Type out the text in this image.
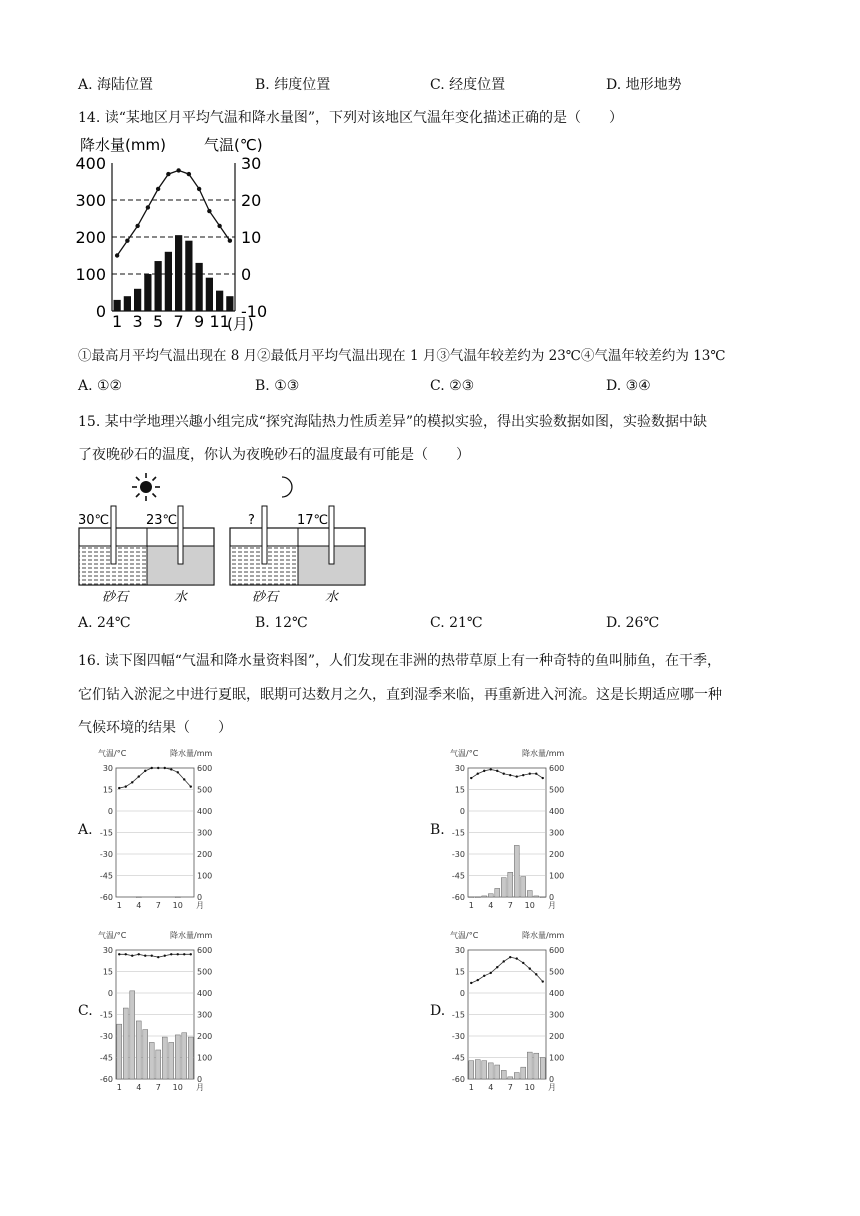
A. 海陆位置	B. 纬度位置	C. 经度位置	D. 地形地势
14. 读“某地区月平均气温和降水量图”，下列对该地区气温年变化描述正确的是（　　）
降水量(mm)	气温(℃)
400	30
300	20
200	10
100	0
0	-10
1 3 5 7 9 11
(月)
①最高月平均气温出现在 8 月②最低月平均气温出现在 1 月③气温年较差约为 23℃④气温年较差约为 13℃
A. ①②	B. ①③	C. ②③	D. ③④
15. 某中学地理兴趣小组完成“探究海陆热力性质差异”的模拟实验，得出实验数据如图，实验数据中缺
了夜晚砂石的温度，你认为夜晚砂石的温度最有可能是（　　）
30℃	23℃
砂石	水
?	17℃
砂石	水
A. 24℃	B. 12℃	C. 21℃	D. 26℃
16. 读下图四幅“气温和降水量资料图”，人们发现在非洲的热带草原上有一种奇特的鱼叫肺鱼，在干季，
它们钻入淤泥之中进行夏眠，眠期可达数月之久，直到湿季来临，再重新进入河流。这是长期适应哪一种
气候环境的结果（　　）
A.	B.
C.	D.
气温/°C	降水量/mm
30	600
15	500
0	400
-15	300
-30	200
-45	100
-60	0
1 4 7 10 月
气温/°C	降水量/mm
30	600
15	500
0	400
-15	300
-30	200
-45	100
-60	0
1 4 7 10 月
气温/°C	降水量/mm
30	600
15	500
0	400
-15	300
-30	200
-45	100
-60	0
1 4 7 10 月
气温/°C	降水量/mm
30	600
15	500
0	400
-15	300
-30	200
-45	100
-60	0
1 4 7 10 月
